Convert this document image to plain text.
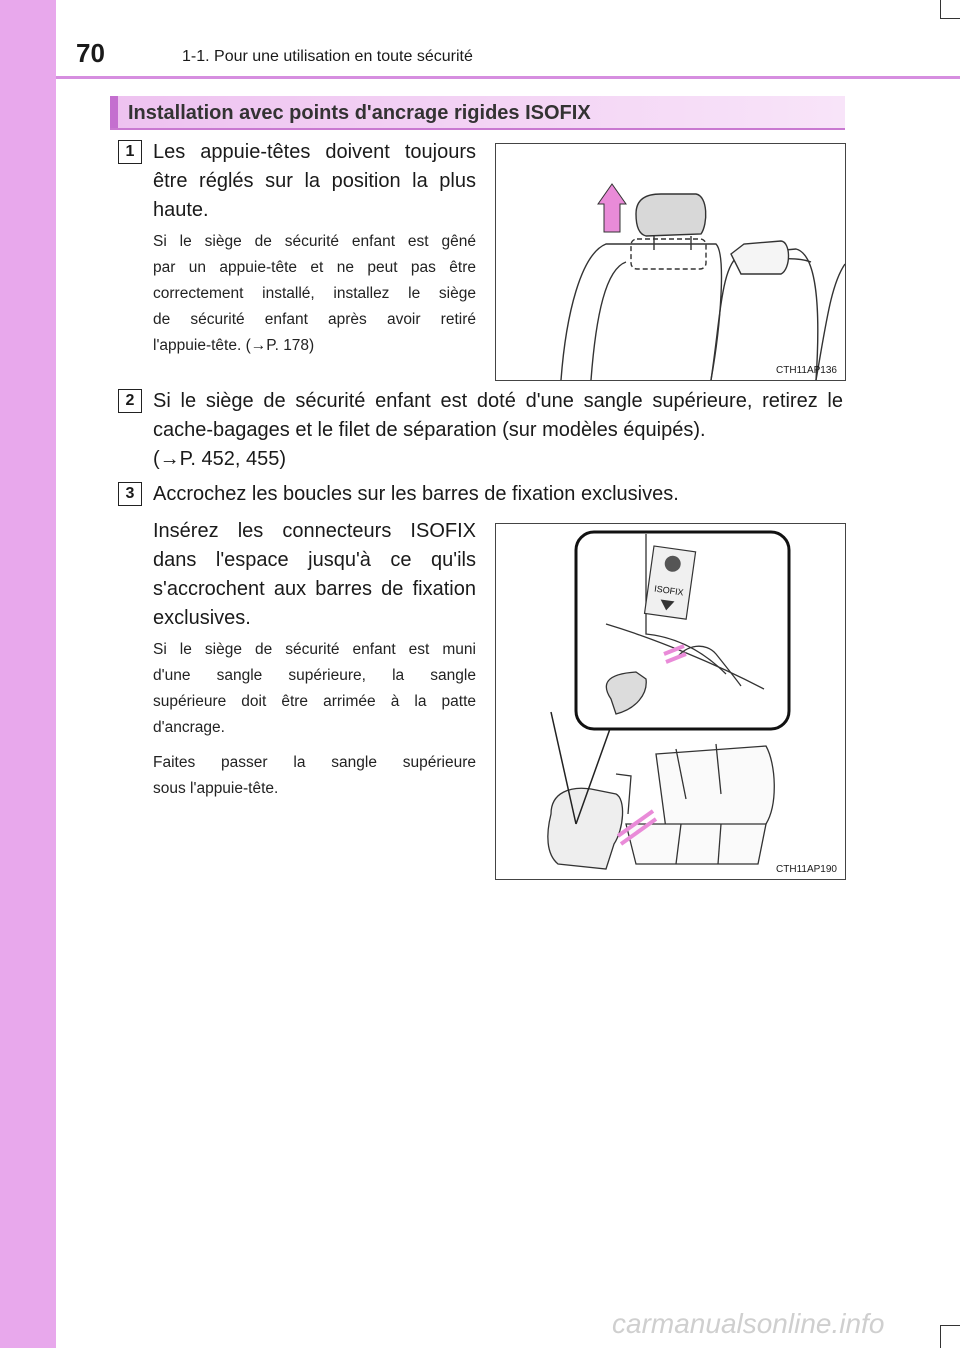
70	1-1. Pour une utilisation en toute sécurité
Installation avec points d'ancrage rigides ISOFIX
1 Les appuie-têtes doivent toujours
être réglés sur la position la plus
haute.
Si le siège de sécurité enfant est gêné
par un appuie-tête et ne peut pas être
correctement installé, installez le siège
de sécurité enfant après avoir retiré
l'appuie-tête. (→P. 178)
CTH11AP136
2 Si le siège de sécurité enfant est doté d'une sangle supérieure, retirez le
cache-bagages et le filet de séparation (sur modèles équipés).
(→P. 452, 455)
3 Accrochez les boucles sur les barres de fixation exclusives.
Insérez les connecteurs ISOFIX
dans l'espace jusqu'à ce qu'ils
s'accrochent aux barres de fixation
exclusives.
Si le siège de sécurité enfant est muni
d'une sangle supérieure, la sangle
supérieure doit être arrimée à la patte
d'ancrage.
Faites passer la sangle supérieure
sous l'appuie-tête.
ISOFIX
CTH11AP190
carmanualsonline.info
